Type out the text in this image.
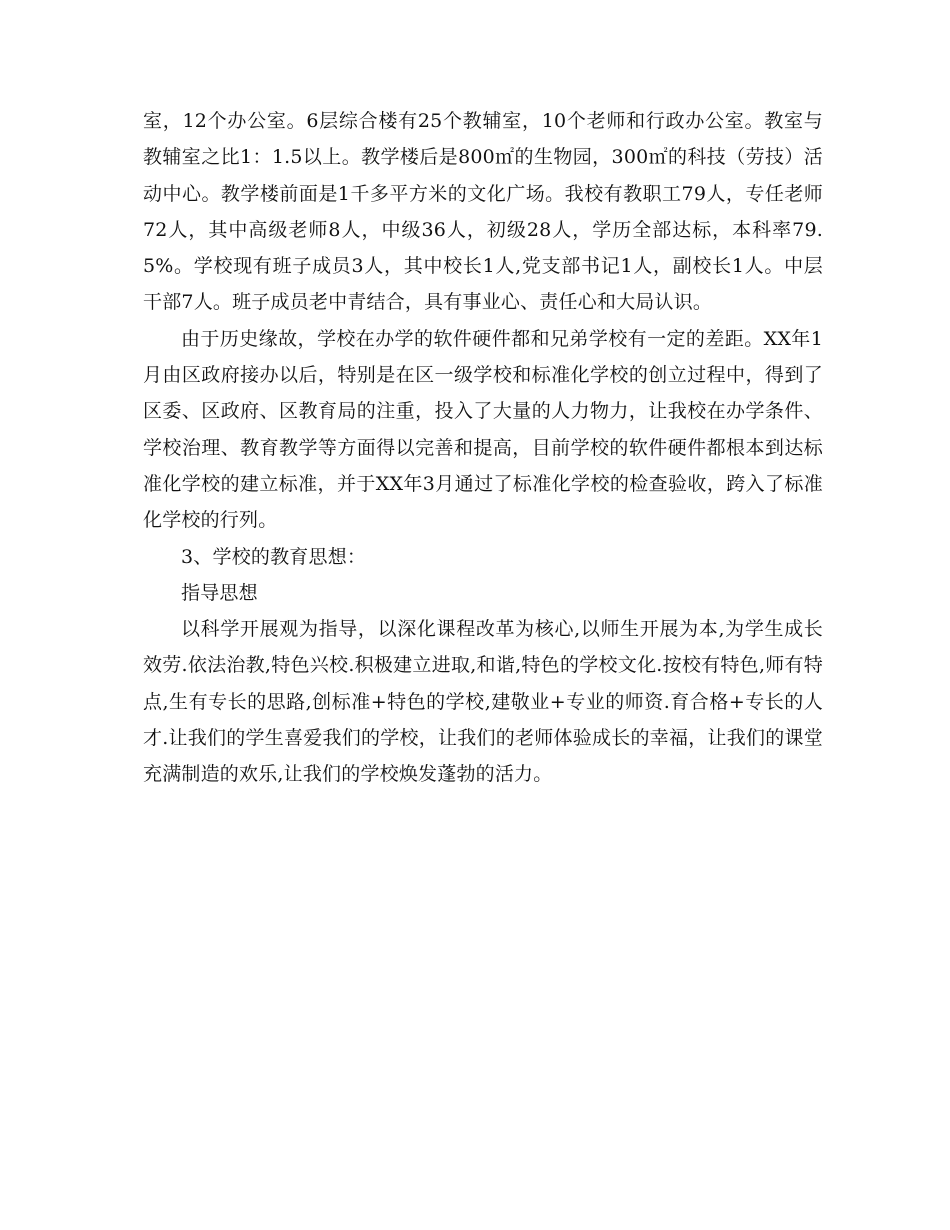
室，12个办公室。6层综合楼有25个教辅室，10个老师和行政办公室。教室与教辅室之比1：1.5以上。教学楼后是800㎡的生物园，300㎡的科技（劳技）活动中心。教学楼前面是1千多平方米的文化广场。我校有教职工79人，专任老师72人，其中高级老师8人，中级36人，初级28人，学历全部达标，本科率79.5%。学校现有班子成员3人，其中校长1人,党支部书记1人，副校长1人。中层干部7人。班子成员老中青结合，具有事业心、责任心和大局认识。

由于历史缘故，学校在办学的软件硬件都和兄弟学校有一定的差距。XX年1月由区政府接办以后，特别是在区一级学校和标准化学校的创立过程中，得到了区委、区政府、区教育局的注重，投入了大量的人力物力，让我校在办学条件、学校治理、教育教学等方面得以完善和提高，目前学校的软件硬件都根本到达标准化学校的建立标准，并于XX年3月通过了标准化学校的检查验收，跨入了标准化学校的行列。

3、学校的教育思想：

指导思想

以科学开展观为指导，以深化课程改革为核心,以师生开展为本,为学生成长效劳.依法治教,特色兴校.积极建立进取,和谐,特色的学校文化.按校有特色,师有特点,生有专长的思路,创标准+特色的学校,建敬业+专业的师资.育合格+专长的人才.让我们的学生喜爱我们的学校，让我们的老师体验成长的幸福，让我们的课堂充满制造的欢乐,让我们的学校焕发蓬勃的活力。
